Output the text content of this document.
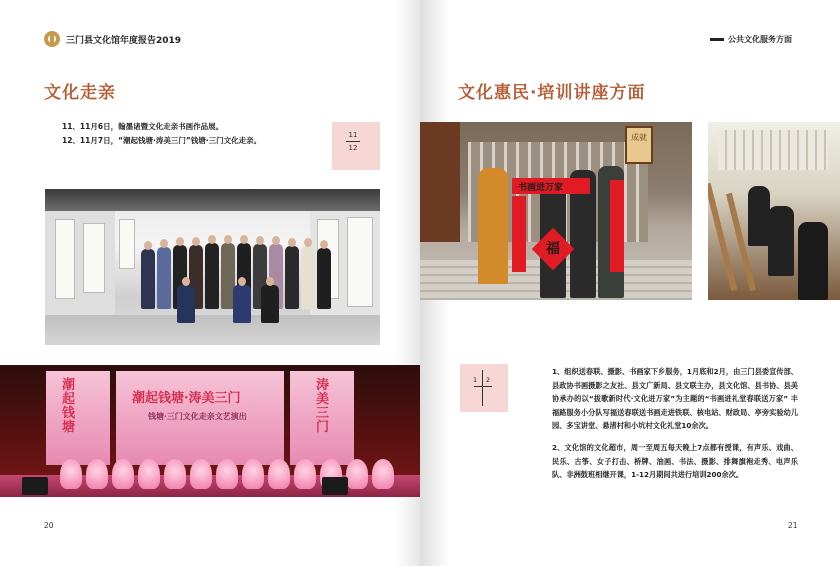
三门县文化馆年度报告2019
文化走亲
11、11月6日，翰墨诸暨文化走亲书画作品展。
12、11月7日，“潮起钱塘·涛美三门”钱塘·三门文化走亲。
11
12
潮起钱塘
潮起钱塘·涛美三门
钱塘·三门文化走亲文艺演出
涛美三门
20
公共文化服务方面
文化惠民·培训讲座方面
成就
书画进万家
福
1 2
1、组织送春联、摄影、书画家下乡服务，1月底和2月，由三门县委宣传部、县政协书画摄影之友社、县文广新局、县文联主办，县文化馆、县书协、县美协承办的以“拔歌新时代·文化进万家”为主题的“书画进礼堂春联送万家” 丰福路服务小分队写福送春联送书画走进铁联、核电站、财政局、亭旁实验幼儿园、多宝讲堂、悬渚村和小坑村文化礼堂10余次。
2、文化馆的文化超市，周一至周五每天晚上7点都有授课，有声乐、戏曲、民乐、古筝、女子打击、桥牌、油画、书法、摄影、排舞旗袍走秀、电声乐队、非洲鼓班相继开课，1-12月期间共进行培训200余次。
21
